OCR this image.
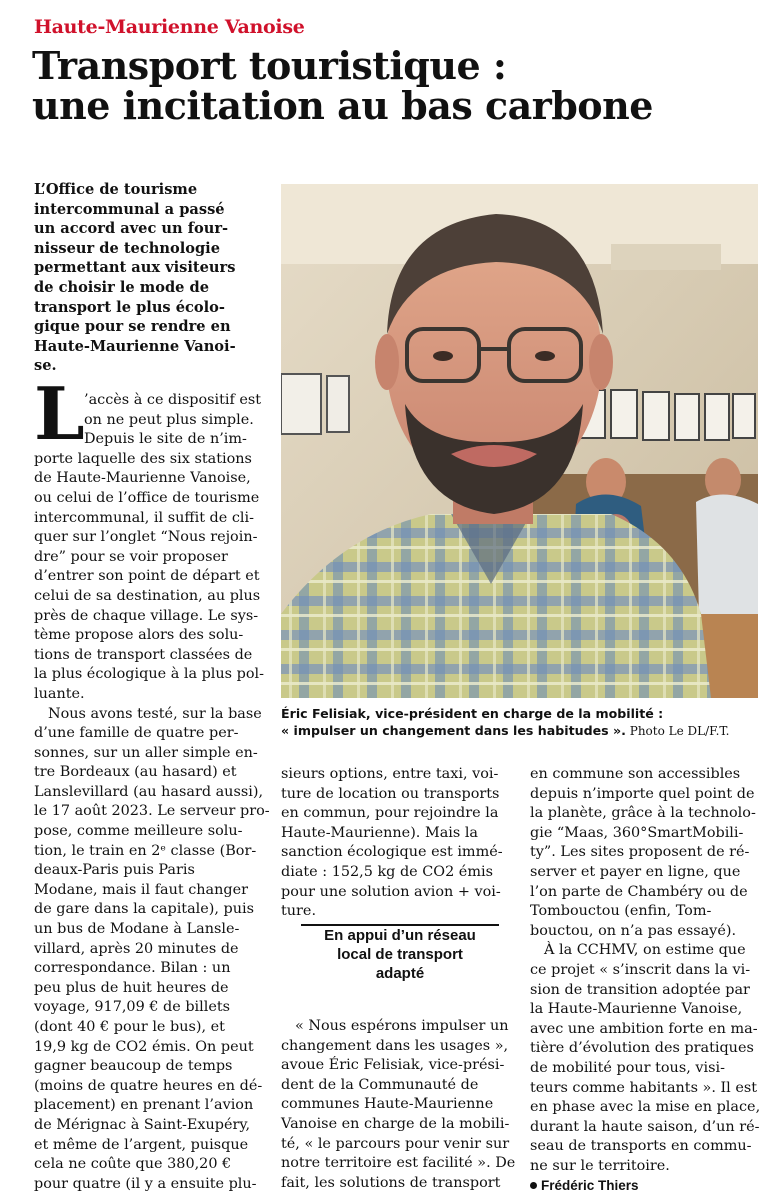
Haute-Maurienne Vanoise
Transport touristique :
une incitation au bas carbone
L’Office de tourisme
intercommunal a passé
un accord avec un four-
nisseur de technologie
permettant aux visiteurs
de choisir le mode de
transport le plus écolo-
gique pour se rendre en
Haute-Maurienne Vanoi-
se.
Éric Felisiak, vice-président en charge de la mobilité :
« impulser un changement dans les habitudes ». Photo Le DL/F.T.
L ’accès à ce dispositif est
on ne peut plus simple.
Depuis le site de n’im-
porte laquelle des six stations
de Haute-Maurienne Vanoise,
ou celui de l’office de tourisme
intercommunal, il suffit de cli-
quer sur l’onglet “Nous rejoin-
dre” pour se voir proposer
d’entrer son point de départ et
celui de sa destination, au plus
près de chaque village. Le sys-
tème propose alors des solu-
tions de transport classées de
la plus écologique à la plus pol-
luante.
Nous avons testé, sur la base
d’une famille de quatre per-
sonnes, sur un aller simple en-
tre Bordeaux (au hasard) et
Lanslevillard (au hasard aussi),
le 17 août 2023. Le serveur pro-
pose, comme meilleure solu-
tion, le train en 2ᵉ classe (Bor-
deaux-Paris puis Paris
Modane, mais il faut changer
de gare dans la capitale), puis
un bus de Modane à Lansle-
villard, après 20 minutes de
correspondance. Bilan : un
peu plus de huit heures de
voyage, 917,09 € de billets
(dont 40 € pour le bus), et
19,9 kg de CO2 émis. On peut
gagner beaucoup de temps
(moins de quatre heures en dé-
placement) en prenant l’avion
de Mérignac à Saint-Exupéry,
et même de l’argent, puisque
cela ne coûte que 380,20 €
pour quatre (il y a ensuite plu-
sieurs options, entre taxi, voi-
ture de location ou transports
en commun, pour rejoindre la
Haute-Maurienne). Mais la
sanction écologique est immé-
diate : 152,5 kg de CO2 émis
pour une solution avion + voi-
ture.
En appui d’un réseau
local de transport
adapté
« Nous espérons impulser un
changement dans les usages »,
avoue Éric Felisiak, vice-prési-
dent de la Communauté de
communes Haute-Maurienne
Vanoise en charge de la mobili-
té, « le parcours pour venir sur
notre territoire est facilité ». De
fait, les solutions de transport
en commune son accessibles
depuis n’importe quel point de
la planète, grâce à la technolo-
gie “Maas, 360°SmartMobili-
ty”. Les sites proposent de ré-
server et payer en ligne, que
l’on parte de Chambéry ou de
Tombouctou (enfin, Tom-
bouctou, on n’a pas essayé).
À la CCHMV, on estime que
ce projet « s’inscrit dans la vi-
sion de transition adoptée par
la Haute-Maurienne Vanoise,
avec une ambition forte en ma-
tière d’évolution des pratiques
de mobilité pour tous, visi-
teurs comme habitants ». Il est
en phase avec la mise en place,
durant la haute saison, d’un ré-
seau de transports en commu-
ne sur le territoire.
Frédéric Thiers
